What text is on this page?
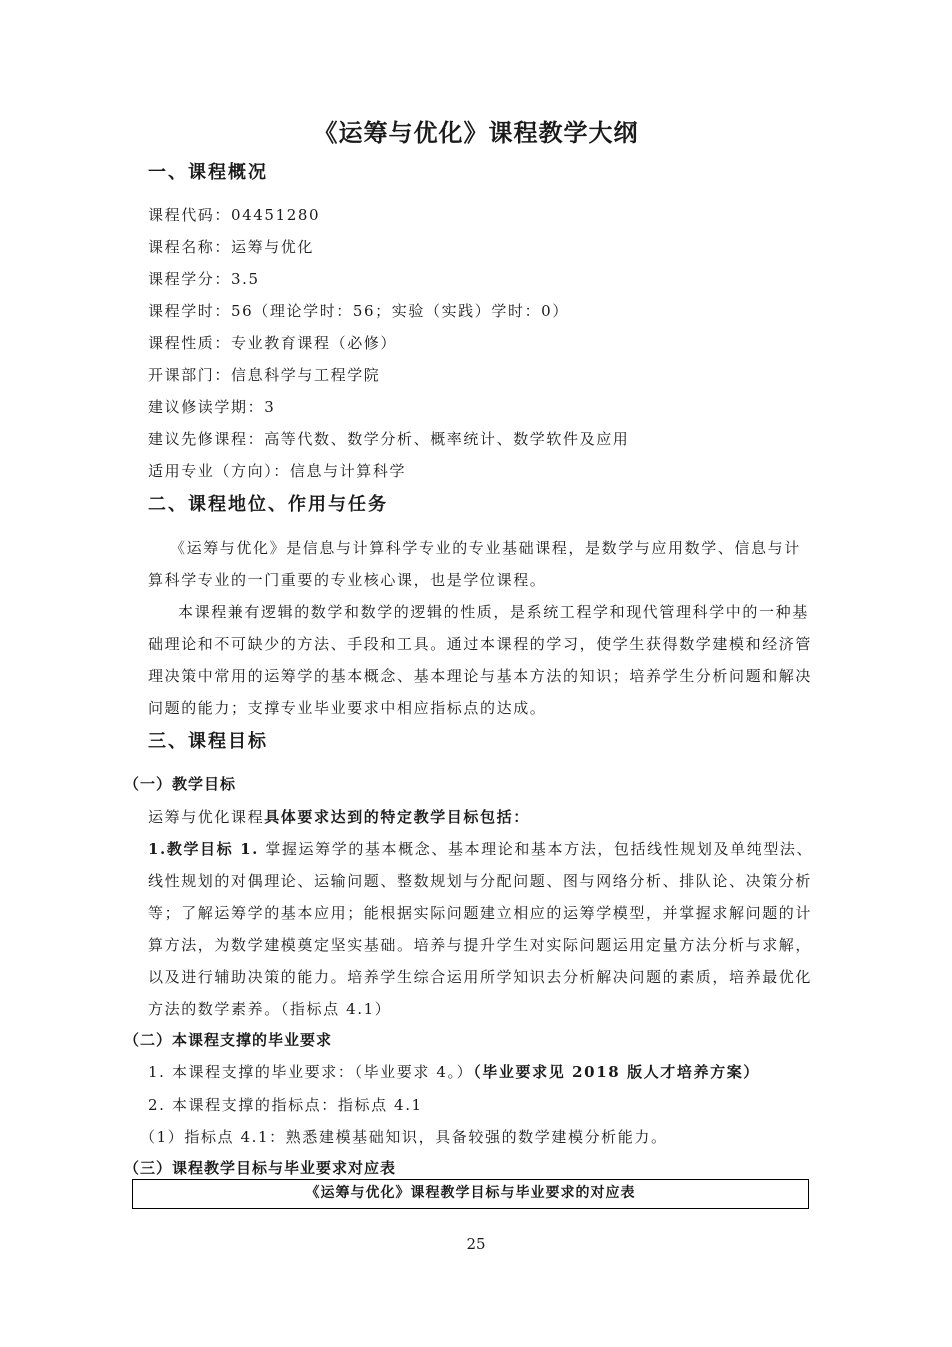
《运筹与优化》课程教学大纲
一、课程概况
课程代码：04451280
课程名称：运筹与优化
课程学分：3.5
课程学时：56（理论学时：56；实验（实践）学时：0）
课程性质：专业教育课程（必修）
开课部门：信息科学与工程学院
建议修读学期：3
建议先修课程：高等代数、数学分析、概率统计、数学软件及应用
适用专业（方向）：信息与计算科学
二、课程地位、作用与任务
《运筹与优化》是信息与计算科学专业的专业基础课程，是数学与应用数学、信息与计
算科学专业的一门重要的专业核心课，也是学位课程。
本课程兼有逻辑的数学和数学的逻辑的性质，是系统工程学和现代管理科学中的一种基
础理论和不可缺少的方法、手段和工具。通过本课程的学习，使学生获得数学建模和经济管
理决策中常用的运筹学的基本概念、基本理论与基本方法的知识；培养学生分析问题和解决
问题的能力；支撑专业毕业要求中相应指标点的达成。
三、课程目标
（一）教学目标
运筹与优化课程具体要求达到的特定教学目标包括：
1.教学目标 1. 掌握运筹学的基本概念、基本理论和基本方法，包括线性规划及单纯型法、
线性规划的对偶理论、运输问题、整数规划与分配问题、图与网络分析、排队论、决策分析
等；了解运筹学的基本应用；能根据实际问题建立相应的运筹学模型，并掌握求解问题的计
算方法，为数学建模奠定坚实基础。培养与提升学生对实际问题运用定量方法分析与求解，
以及进行辅助决策的能力。培养学生综合运用所学知识去分析解决问题的素质，培养最优化
方法的数学素养。（指标点 4.1）
（二）本课程支撑的毕业要求
1. 本课程支撑的毕业要求：（毕业要求 4。）（毕业要求见 2018 版人才培养方案）
2. 本课程支撑的指标点：指标点 4.1
（1）指标点 4.1：熟悉建模基础知识，具备较强的数学建模分析能力。
（三）课程教学目标与毕业要求对应表
《运筹与优化》课程教学目标与毕业要求的对应表
25
